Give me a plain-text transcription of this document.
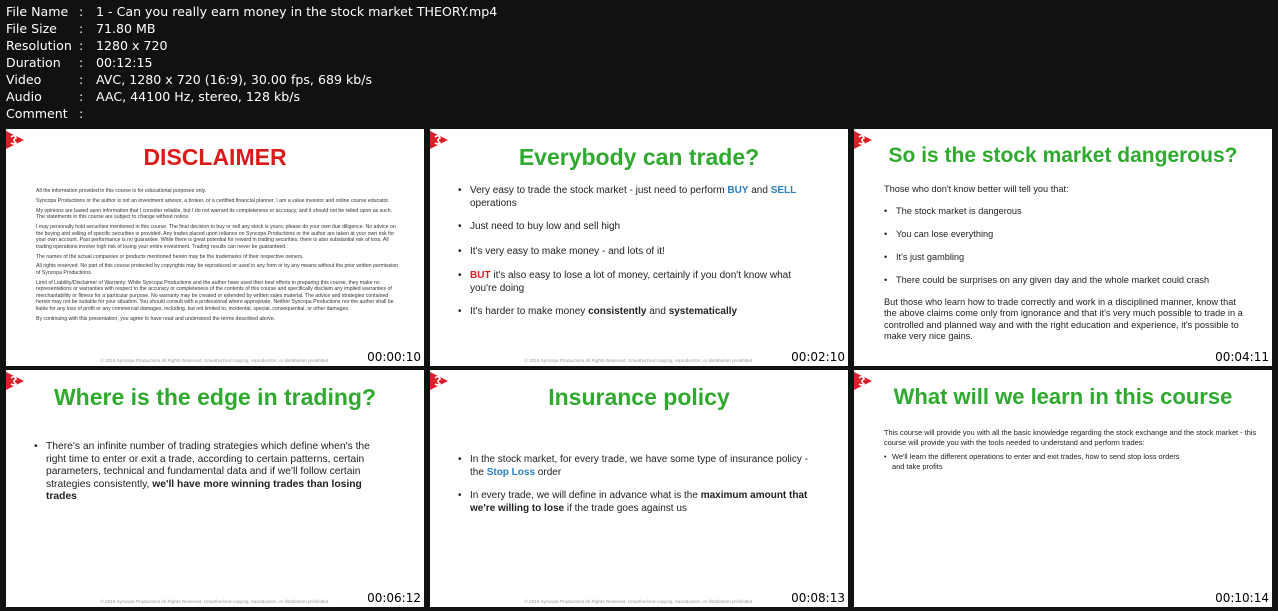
File Name :	1 - Can you really earn money in the stock market THEORY.mp4
File Size	:	71.80 MB
Resolution :	1280 x 720
Duration	:	00:12:15
Video	:	AVC, 1280 x 720 (16:9), 30.00 fps, 689 kb/s
Audio	:	AAC, 44100 Hz, stereo, 128 kb/s
Comment :
DISCLAIMER

All the information provided in this course is for educational purposes only.

Syncopa Productions or the author is not an investment advisor, a broker, or a certified financial planner. I am a value investor and online course educator.

My opinions are based upon information that I consider reliable, but I do not warrant its completeness or accuracy, and it should not be relied upon as such. The statements in this course are subject to change without notice.

I may personally hold securities mentioned in this course. The final decision to buy or sell any stock is yours; please do your own due diligence. No advice on the buying and selling of specific securities is provided. Any trades placed upon reliance on Syncopa Productions or the author are taken at your own risk for your own account. Past performance is no guarantee. While there is great potential for reward in trading securities, there is also substantial risk of loss. All trading operations involve high risk of losing your entire investment. Trading results can never be guaranteed.

The names of the actual companies or products mentioned herein may be the trademarks of their respective owners.

All rights reserved. No part of this course protected by copyrights may be reproduced or used in any form or by any means without the prior written permission of Syncopa Productions.

Limit of Liability/Disclaimer of Warranty: While Syncopa Productions and the author have used their best efforts in preparing this course, they make no representations or warranties with respect to the accuracy or completeness of the contents of this course and specifically disclaim any implied warranties of merchantability or fitness for a particular purpose. No warranty may be created or extended by written sales material. The advice and strategies contained herein may not be suitable for your situation. You should consult with a professional where appropriate. Neither Syncopa Productions nor the author shall be liable for any loss of profit or any commercial damages, including, but not limited to, incidental, special, consequential, or other damages.

By continuing with this presentation, you agree to have read and understood the terms described above.

© 2019 Syncopa Productions All Rights Reserved. Unauthorized copying, reproduction, or distribution prohibited.	00:00:10
Everybody can trade?
• Very easy to trade the stock market - just need to perform BUY and SELL operations
• Just need to buy low and sell high
• It's very easy to make money - and lots of it!
• BUT it's also easy to lose a lot of money, certainly if you don't know what you're doing
• It's harder to make money consistently and systematically
© 2019 Syncopa Productions All Rights Reserved. Unauthorized copying, reproduction, or distribution prohibited.	00:02:10
So is the stock market dangerous?
Those who don't know better will tell you that:
• The stock market is dangerous
• You can lose everything
• It's just gambling
• There could be surprises on any given day and the whole market could crash
But those who learn how to trade correctly and work in a disciplined manner, know that the above claims come only from ignorance and that it's very much possible to trade in a controlled and planned way and with the right education and experience, it's possible to make very nice gains.
00:04:11
Where is the edge in trading?
• There's an infinite number of trading strategies which define when's the right time to enter or exit a trade, according to certain patterns, certain parameters, technical and fundamental data and if we'll follow certain strategies consistently, we'll have more winning trades than losing trades
© 2019 Syncopa Productions All Rights Reserved. Unauthorized copying, reproduction, or distribution prohibited.	00:06:12
Insurance policy
• In the stock market, for every trade, we have some type of insurance policy - the Stop Loss order
• In every trade, we will define in advance what is the maximum amount that we're willing to lose if the trade goes against us
© 2019 Syncopa Productions All Rights Reserved. Unauthorized copying, reproduction, or distribution prohibited.	00:08:13
What will we learn in this course
This course will provide you with all the basic knowledge regarding the stock exchange and the stock market - this course will provide you with the tools needed to understand and perform trades:
• We'll learn the different operations to enter and exit trades, how to send stop loss orders and take profits
00:10:14
